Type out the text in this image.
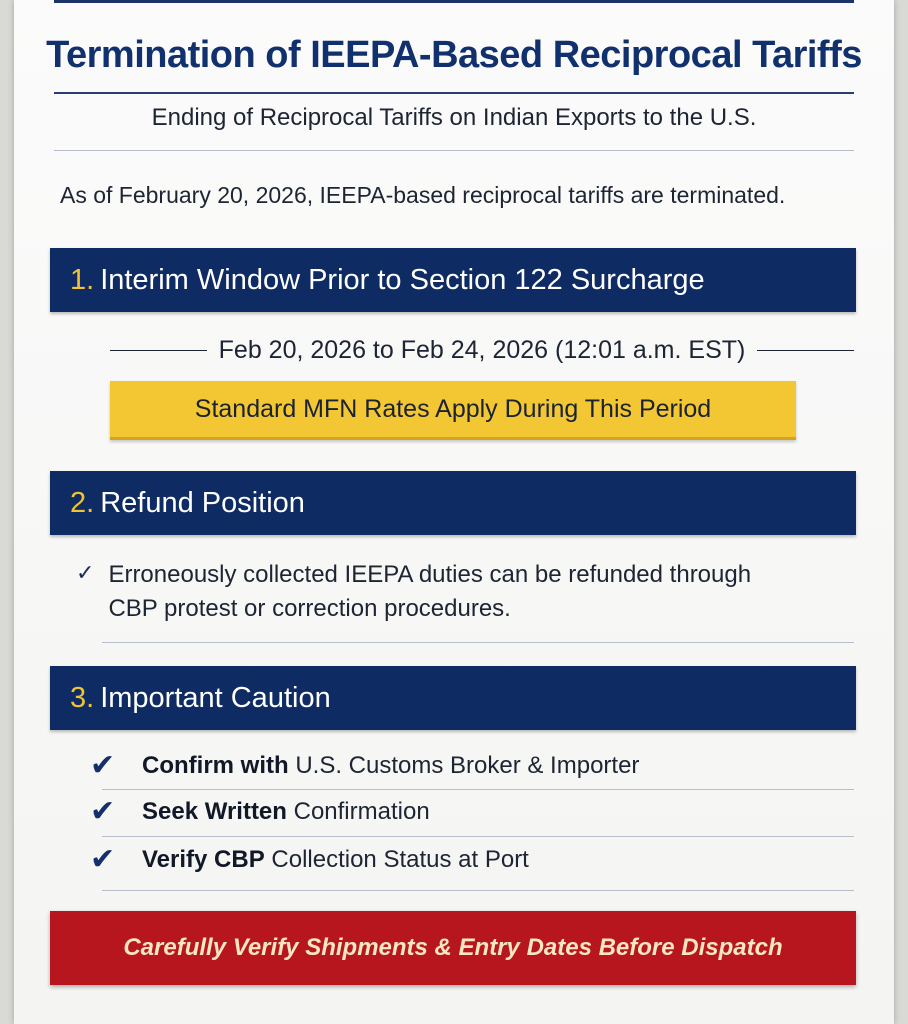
Termination of IEEPA-Based Reciprocal Tariffs
Ending of Reciprocal Tariffs on Indian Exports to the U.S.
As of February 20, 2026, IEEPA-based reciprocal tariffs are terminated.
1. Interim Window Prior to Section 122 Surcharge
Feb 20, 2026 to Feb 24, 2026 (12:01 a.m. EST)
Standard MFN Rates Apply During This Period
2. Refund Position
✓ Erroneously collected IEEPA duties can be refunded through CBP protest or correction procedures.
3. Important Caution
✔	Confirm with U.S. Customs Broker & Importer
✔	Seek Written Confirmation
✔	Verify CBP Collection Status at Port
Carefully Verify Shipments & Entry Dates Before Dispatch
